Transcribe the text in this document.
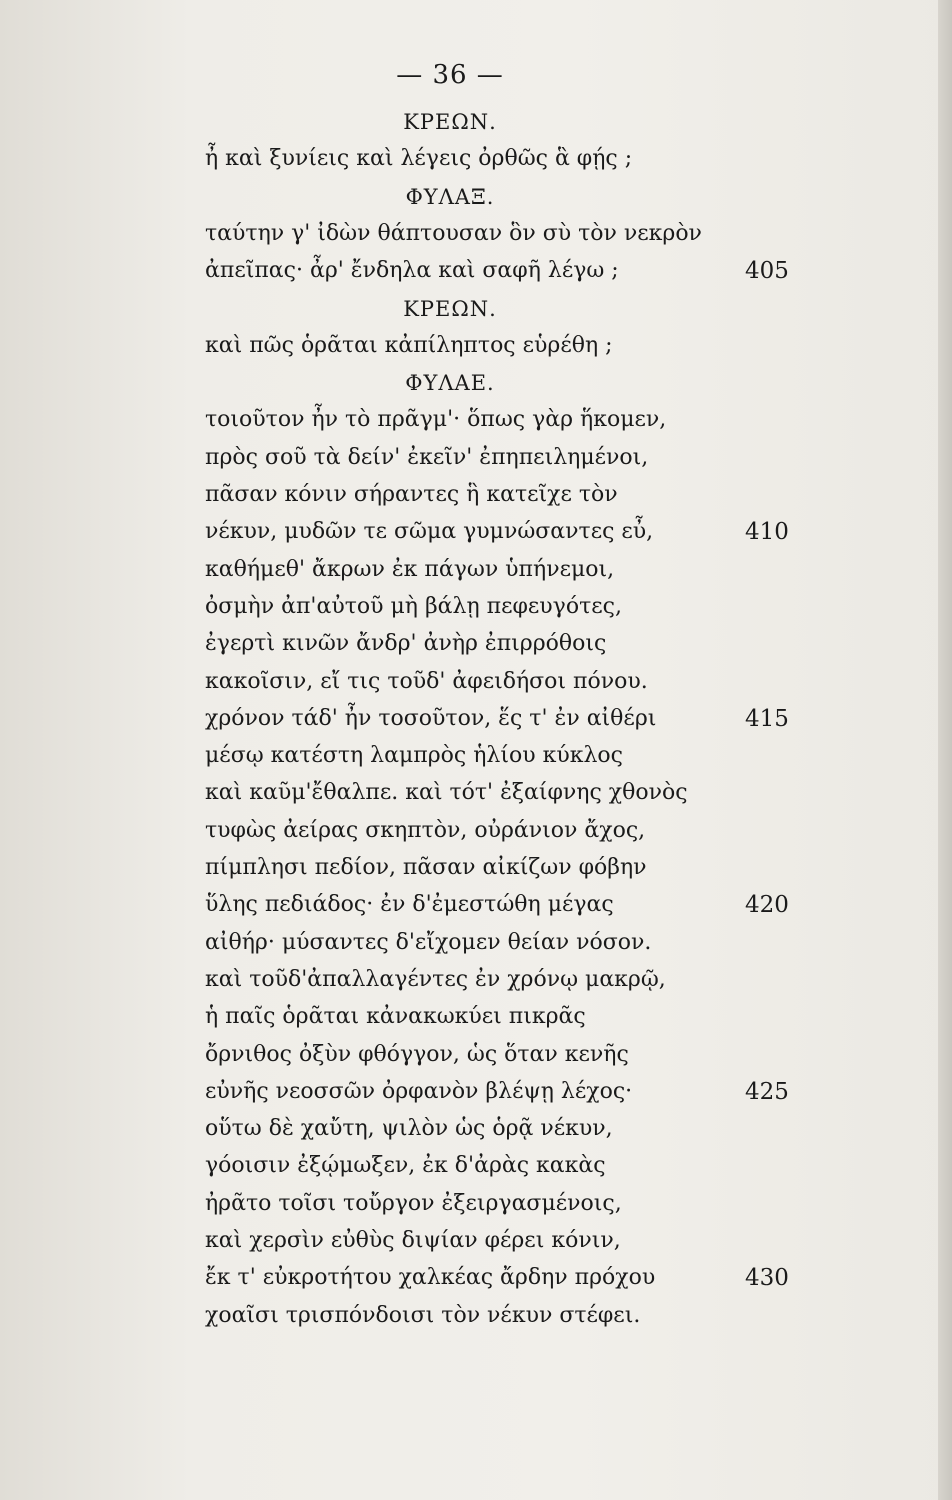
— 36 —
ΚΡΕΩΝ.
ἦ καὶ ξυνίεις καὶ λέγεις ὀρθῶς ἃ φῄς ;
ΦΥΛΑΞ.
ταύτην γ' ἰδὼν θάπτουσαν ὃν σὺ τὸν νεκρὸν
ἀπεῖπας· ἆρ' ἔνδηλα καὶ σαφῆ λέγω ;	405
ΚΡΕΩΝ.
καὶ πῶς ὁρᾶται κἀπίληπτος εὑρέθη ;
ΦΥΛΑΕ.
τοιοῦτον ἦν τὸ πρᾶγμ'· ὅπως γὰρ ἥκομεν,
πρὸς σοῦ τὰ δείν' ἐκεῖν' ἐπηπειλημένοι,
πᾶσαν κόνιν σήραντες ἣ κατεῖχε τὸν
νέκυν, μυδῶν τε σῶμα γυμνώσαντες εὖ,	410
καθήμεθ' ἄκρων ἐκ πάγων ὑπήνεμοι,
ὀσμὴν ἀπ'αὐτοῦ μὴ βάλῃ πεφευγότες,
ἐγερτὶ κινῶν ἄνδρ' ἀνὴρ ἐπιρρόθοις
κακοῖσιν, εἴ τις τοῦδ' ἀφειδήσοι πόνου.
χρόνον τάδ' ἦν τοσοῦτον, ἕς τ' ἐν αἰθέρι	415
μέσῳ κατέστη λαμπρὸς ἡλίου κύκλος
καὶ καῦμ'ἔθαλπε. καὶ τότ' ἐξαίφνης χθονὸς
τυφὼς ἀείρας σκηπτὸν, οὐράνιον ἄχος,
πίμπλησι πεδίον, πᾶσαν αἰκίζων φόβην
ὕλης πεδιάδος· ἐν δ'ἐμεστώθη μέγας	420
αἰθήρ· μύσαντες δ'εἴχομεν θείαν νόσον.
καὶ τοῦδ'ἀπαλλαγέντες ἐν χρόνῳ μακρῷ,
ἡ παῖς ὁρᾶται κἀνακωκύει πικρᾶς
ὄρνιθος ὀξὺν φθόγγον, ὡς ὅταν κενῆς
εὐνῆς νεοσσῶν ὀρφανὸν βλέψῃ λέχος·	425
οὕτω δὲ χαὔτη, ψιλὸν ὡς ὁρᾷ νέκυν,
γόοισιν ἐξῴμωξεν, ἐκ δ'ἀρὰς κακὰς
ἠρᾶτο τοῖσι τοὔργον ἐξειργασμένοις,
καὶ χερσὶν εὐθὺς διψίαν φέρει κόνιν,
ἔκ τ' εὐκροτήτου χαλκέας ἄρδην πρόχου	430
χοαῖσι τρισπόνδοισι τὸν νέκυν στέφει.
